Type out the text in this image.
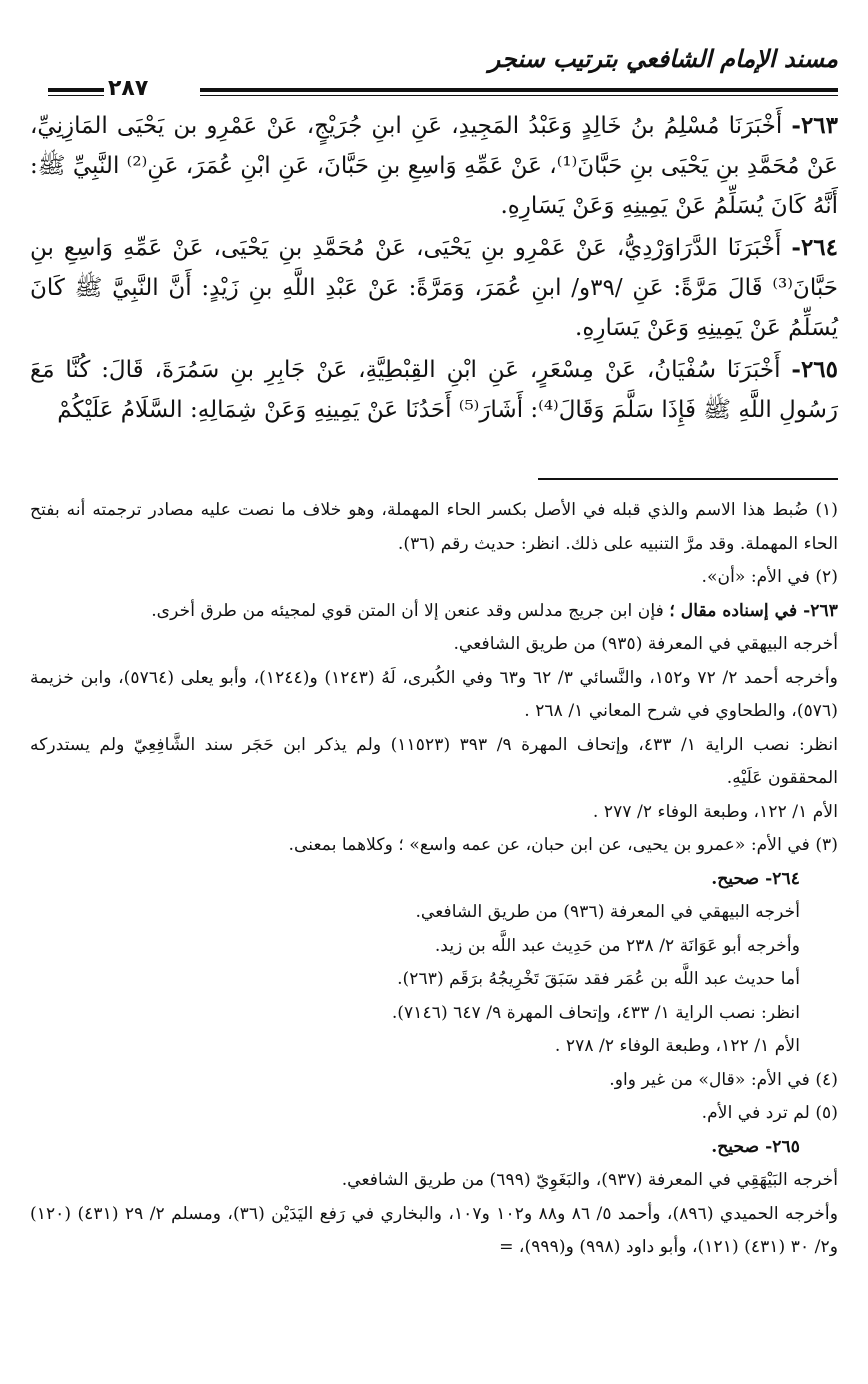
مسند الإمام الشافعي بترتيب سنجر
٢٨٧

٢٦٣- أَخْبَرَنَا مُسْلِمُ بنُ خَالِدٍ وَعَبْدُ المَجِيدِ، عَنِ ابنِ جُرَيْجٍ، عَنْ عَمْرِو بن يَحْيَى المَازِنِيِّ، عَنْ مُحَمَّدِ بنِ يَحْيَى بنِ حَبَّانَ⁽¹⁾، عَنْ عَمِّهِ وَاسِعِ بنِ حَبَّانَ، عَنِ ابْنِ عُمَرَ، عَنِ⁽²⁾ النَّبِيِّ ﷺ: أَنَّهُ كَانَ يُسَلِّمُ عَنْ يَمِينِهِ وَعَنْ يَسَارِهِ.

٢٦٤- أَخْبَرَنَا الدَّرَاوَرْدِيُّ، عَنْ عَمْرِو بنِ يَحْيَى، عَنْ مُحَمَّدِ بنِ يَحْيَى، عَنْ عَمِّهِ وَاسِعِ بنِ حَبَّانَ⁽³⁾ قَالَ مَرَّةً: عَنِ /٣٩و/ ابنِ عُمَرَ، وَمَرَّةً: عَنْ عَبْدِ اللَّهِ بنِ زَيْدٍ: أَنَّ النَّبِيَّ ﷺ كَانَ يُسَلِّمُ عَنْ يَمِينِهِ وَعَنْ يَسَارِهِ.

٢٦٥- أَخْبَرَنَا سُفْيَانُ، عَنْ مِسْعَرٍ، عَنِ ابْنِ القِبْطِيَّةِ، عَنْ جَابِرِ بنِ سَمُرَةَ، قَالَ: كُنَّا مَعَ رَسُولِ اللَّهِ ﷺ فَإِذَا سَلَّمَ وَقَالَ⁽⁴⁾: أَشَارَ⁽⁵⁾ أَحَدُنَا عَنْ يَمِينِهِ وَعَنْ شِمَالِهِ: السَّلَامُ عَلَيْكُمْ

(١) ضُبط هذا الاسم والذي قبله في الأصل بكسر الحاء المهملة، وهو خلاف ما نصت عليه مصادر ترجمته أنه بفتح الحاء المهملة. وقد مرَّ التنبيه على ذلك. انظر: حديث رقم (٣٦).

(٢) في الأم: «أن».

٢٦٣- في إسناده مقال ؛ فإن ابن جريج مدلس وقد عنعن إلا أن المتن قوي لمجيئه من طرق أخرى.

أخرجه البيهقي في المعرفة (٩٣٥) من طريق الشافعي.

وأخرجه أحمد ٢/ ٧٢ و١٥٢، والنَّسائي ٣/ ٦٢ و٦٣ وفي الكُبرى، لَهُ (١٢٤٣) و(١٢٤٤)، وأبو يعلى (٥٧٦٤)، وابن خزيمة (٥٧٦)، والطحاوي في شرح المعاني ١/ ٢٦٨ .

انظر: نصب الراية ١/ ٤٣٣، وإتحاف المهرة ٩/ ٣٩٣ (١١٥٢٣) ولم يذكر ابن حَجَر سند الشَّافِعِيّ ولم يستدركه المحققون عَلَيْهِ.

الأم ١/ ١٢٢، وطبعة الوفاء ٢/ ٢٧٧ .

(٣) في الأم: «عمرو بن يحيى، عن ابن حبان، عن عمه واسع» ؛ وكلاهما بمعنى.

٢٦٤- صحيح.

أخرجه البيهقي في المعرفة (٩٣٦) من طريق الشافعي.

وأخرجه أبو عَوَانَة ٢/ ٢٣٨ من حَدِيث عبد اللَّه بن زيد.

أما حديث عبد اللَّه بن عُمَر فقد سَبَقَ تَخْرِيجُهُ برَقَم (٢٦٣).

انظر: نصب الراية ١/ ٤٣٣، وإتحاف المهرة ٩/ ٦٤٧ (٧١٤٦).

الأم ١/ ١٢٢، وطبعة الوفاء ٢/ ٢٧٨ .

(٤) في الأم: «قال» من غير واو.

(٥) لم ترد في الأم.

٢٦٥- صحيح.

أخرجه البَيْهَقِي في المعرفة (٩٣٧)، والبَغَوِيّ (٦٩٩) من طريق الشافعي.

وأخرجه الحميدي (٨٩٦)، وأحمد ٥/ ٨٦ و٨٨ و١٠٢ و١٠٧، والبخاري في رَفع اليَدَيْن (٣٦)، ومسلم ٢/ ٢٩ (٤٣١) (١٢٠) و٢/ ٣٠ (٤٣١) (١٢١)، وأبو داود (٩٩٨) و(٩٩٩)، =
